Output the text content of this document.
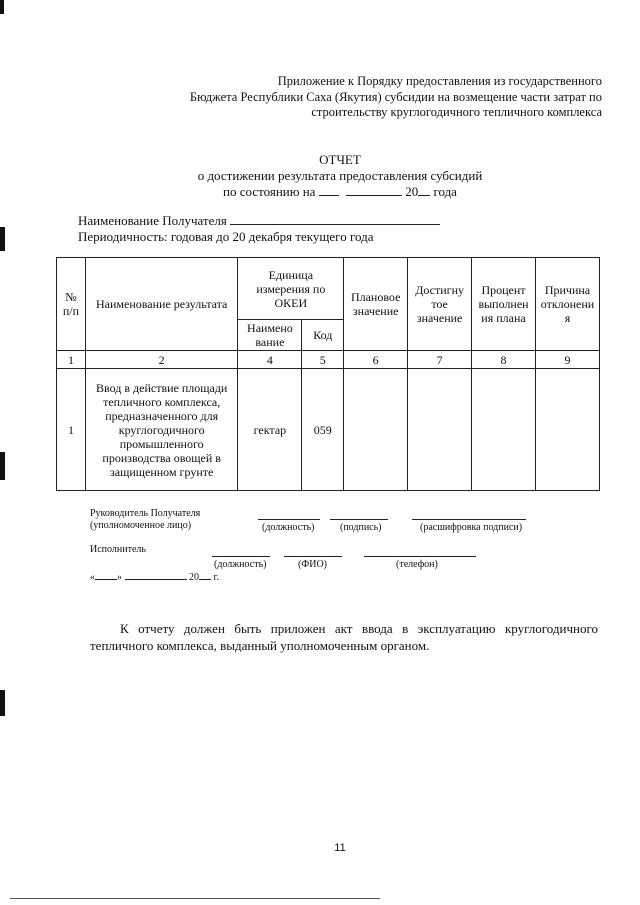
Приложение к Порядку предоставления из государственного
Бюджета Республики Саха (Якутия) субсидии на возмещение части затрат по
строительству круглогодичного тепличного комплекса
ОТЧЕТ
о достижении результата предоставления субсидий
по состоянию на	20 года
Наименование Получателя
Периодичность: годовая до 20 декабря текущего года
№ п/п	Наименование результата	Единица измерения по ОКЕИ		Плановое значение	Достигну тое значение	Процент выполнен ия плана	Причина отклонени я
		Наимено вание	Код				
1	2	4	5	6	7	8	9
1	Ввод в действие площади тепличного комплекса, предназначенного для круглогодичного промышленного производства овощей в защищенном грунте	гектар	059				
Руководитель Получателя
(уполномоченное лицо)	(должность)	(подпись)	(расшифровка подписи)
Исполнитель
(должность)	(ФИО)	(телефон)
« »	20 г.
К отчету должен быть приложен акт ввода в эксплуатацию круглогодичного тепличного комплекса, выданный уполномоченным органом.
11
